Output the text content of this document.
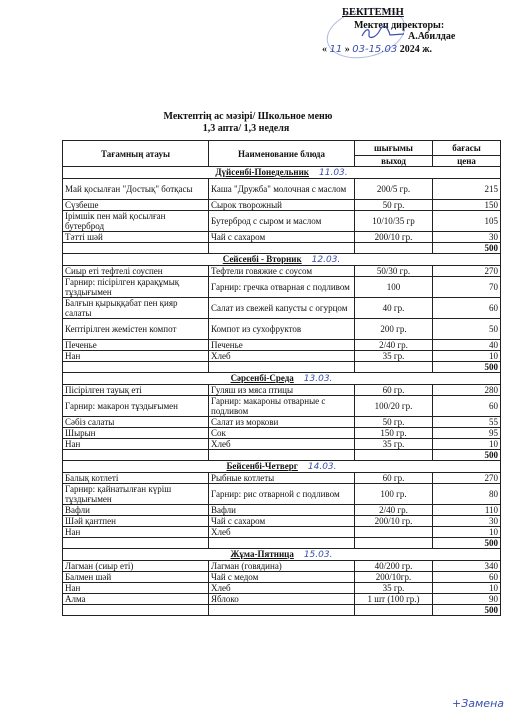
БЕКІТЕМІН
Мектеп директоры:
А.Абилдае
« 11 » 03-15.03 2024 ж.
Мектептің ас мәзірі/ Школьное меню
1,3 апта/ 1,3 неделя
Тағамның атауы	Наименование блюда	шығымы	бағасы
		выход	цена
Дүйсенбі-Понедельник 11.03.			
Май қосылған "Достық" ботқасы	Каша "Дружба" молочная с маслом	200/5 гр.	215
Сүзбеше	Сырок творожный	50 гр.	150
Ірімшік пен май қосылған бутерброд	Бутерброд с сыром и маслом	10/10/35 гр	105
Тәтті шәй	Чай с сахаром	200/10 гр.	30
			500
Сейсенбі - Вторник 12.03.			
Сиыр еті тефтелі соуспен	Тефтели говяжие с соусом	50/30 гр.	270
Гарнир: пісірілген қарақұмық тұздығымен	Гарнир: гречка отварная с подливом	100	70
Балғын қырыққабат пен қияр салаты	Салат из свежей капусты с огурцом	40 гр.	60
Кептірілген жемістен компот	Компот из сухофруктов	200 гр.	50
Печенье	Печенье	2/40 гр.	40
Нан	Хлеб	35 гр.	10
			500
Сәрсенбі-Среда 13.03.			
Пісірілген тауық еті	Гуляш из мяса птицы	60 гр.	280
Гарнир: макарон тұздығымен	Гарнир: макароны отварные с подливом	100/20 гр.	60
Сәбіз салаты	Салат из моркови	50 гр.	55
Шырын	Сок	150 гр.	95
Нан	Хлеб	35 гр.	10
			500
Бейсенбі-Четверг 14.03.			
Балық котлеті	Рыбные котлеты	60 гр.	270
Гарнир: қайнатылған күріш тұздығымен	Гарнир: рис отварной с подливом	100 гр.	80
Вафли	Вафли	2/40 гр.	110
Шәй қантпен	Чай с сахаром	200/10 гр.	30
Нан	Хлеб		10
			500
Жұма-Пятница 15.03.			
Лагман (сиыр еті)	Лагман (говядина)	40/200 гр.	340
Балмен шәй	Чай с медом	200/10гр.	60
Нан	Хлеб	35 гр.	10
Алма	Яблоко	1 шт (100 гр.)	90
			500
+Замена
